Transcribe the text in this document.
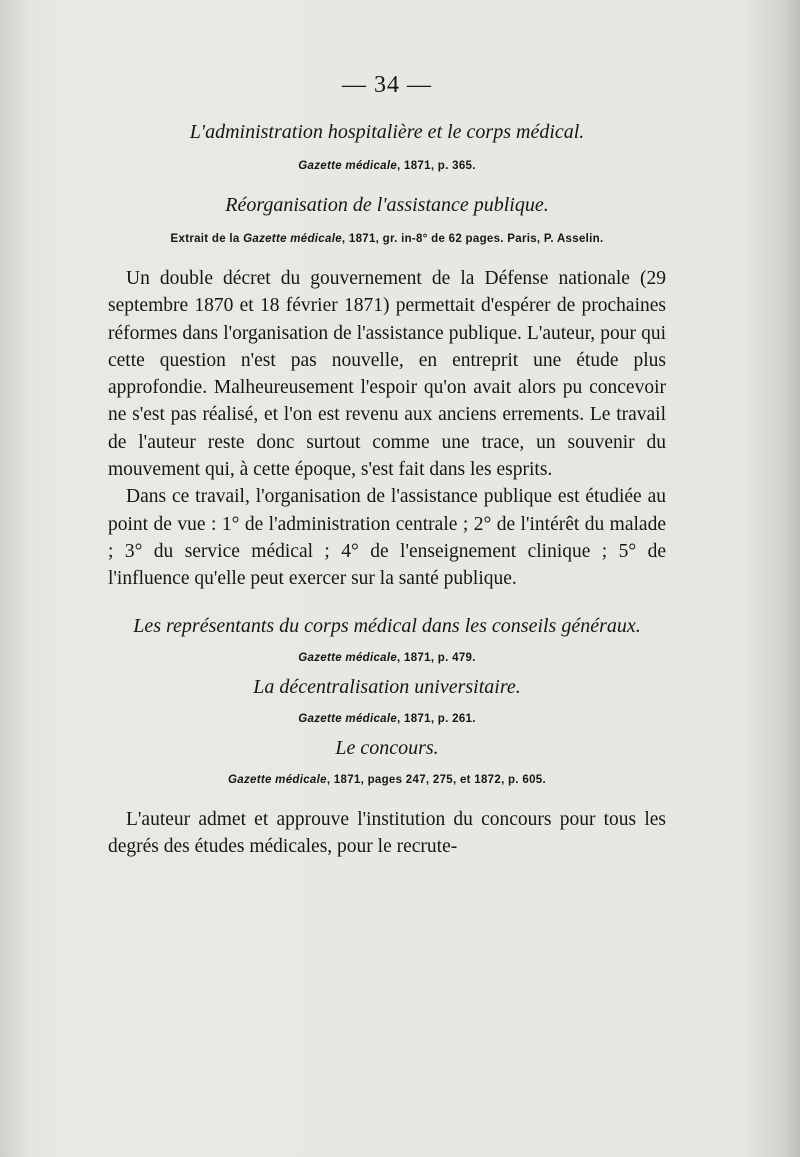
— 34 —

L'administration hospitalière et le corps médical.

Gazette médicale, 1871, p. 365.

Réorganisation de l'assistance publique.

Extrait de la Gazette médicale, 1871, gr. in-8° de 62 pages. Paris, P. Asselin.

Un double décret du gouvernement de la Défense nationale (29 septembre 1870 et 18 février 1871) permettait d'espérer de prochaines réformes dans l'organisation de l'assistance publique. L'auteur, pour qui cette question n'est pas nouvelle, en entreprit une étude plus approfondie. Malheureusement l'espoir qu'on avait alors pu concevoir ne s'est pas réalisé, et l'on est revenu aux anciens errements. Le travail de l'auteur reste donc surtout comme une trace, un souvenir du mouvement qui, à cette époque, s'est fait dans les esprits.

Dans ce travail, l'organisation de l'assistance publique est étudiée au point de vue : 1° de l'administration centrale ; 2° de l'intérêt du malade ; 3° du service médical ; 4° de l'enseignement clinique ; 5° de l'influence qu'elle peut exercer sur la santé publique.

Les représentants du corps médical dans les conseils généraux.

Gazette médicale, 1871, p. 479.

La décentralisation universitaire.

Gazette médicale, 1871, p. 261.

Le concours.

Gazette médicale, 1871, pages 247, 275, et 1872, p. 605.

L'auteur admet et approuve l'institution du concours pour tous les degrés des études médicales, pour le recrute-
